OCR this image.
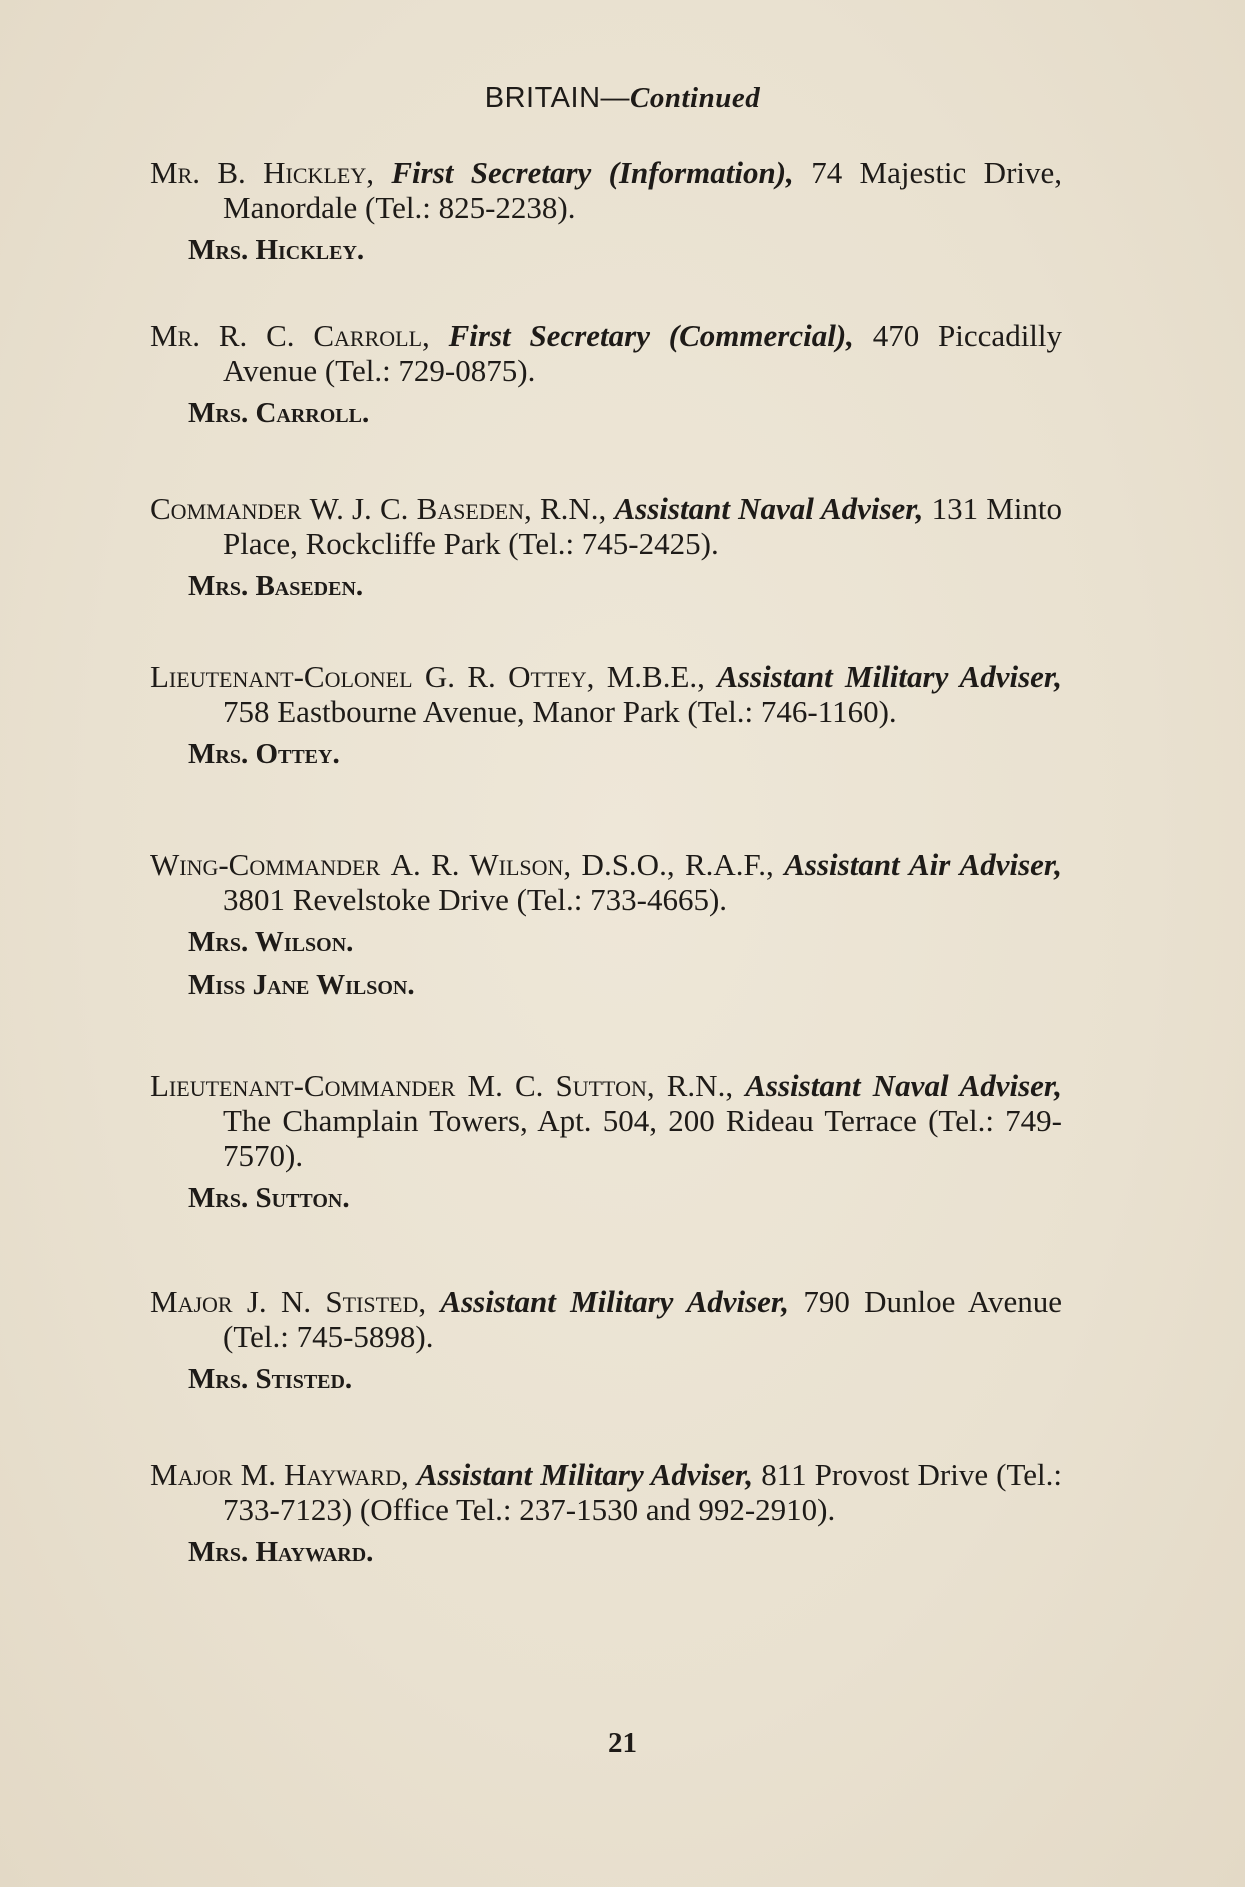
BRITAIN—Continued
Mr. B. Hickley, First Secretary (Information), 74 Majestic Drive, Manordale (Tel.: 825-2238).
Mrs. Hickley.
Mr. R. C. Carroll, First Secretary (Commercial), 470 Piccadilly Avenue (Tel.: 729-0875).
Mrs. Carroll.
Commander W. J. C. Baseden, R.N., Assistant Naval Adviser, 131 Minto Place, Rockcliffe Park (Tel.: 745-2425).
Mrs. Baseden.
Lieutenant-Colonel G. R. Ottey, M.B.E., Assistant Military Adviser, 758 Eastbourne Avenue, Manor Park (Tel.: 746-1160).
Mrs. Ottey.
Wing-Commander A. R. Wilson, D.S.O., R.A.F., Assistant Air Adviser, 3801 Revelstoke Drive (Tel.: 733-4665).
Mrs. Wilson.
Miss Jane Wilson.
Lieutenant-Commander M. C. Sutton, R.N., Assistant Naval Adviser, The Champlain Towers, Apt. 504, 200 Rideau Terrace (Tel.: 749-7570).
Mrs. Sutton.
Major J. N. Stisted, Assistant Military Adviser, 790 Dunloe Avenue (Tel.: 745-5898).
Mrs. Stisted.
Major M. Hayward, Assistant Military Adviser, 811 Provost Drive (Tel.: 733-7123) (Office Tel.: 237-1530 and 992-2910).
Mrs. Hayward.
21
